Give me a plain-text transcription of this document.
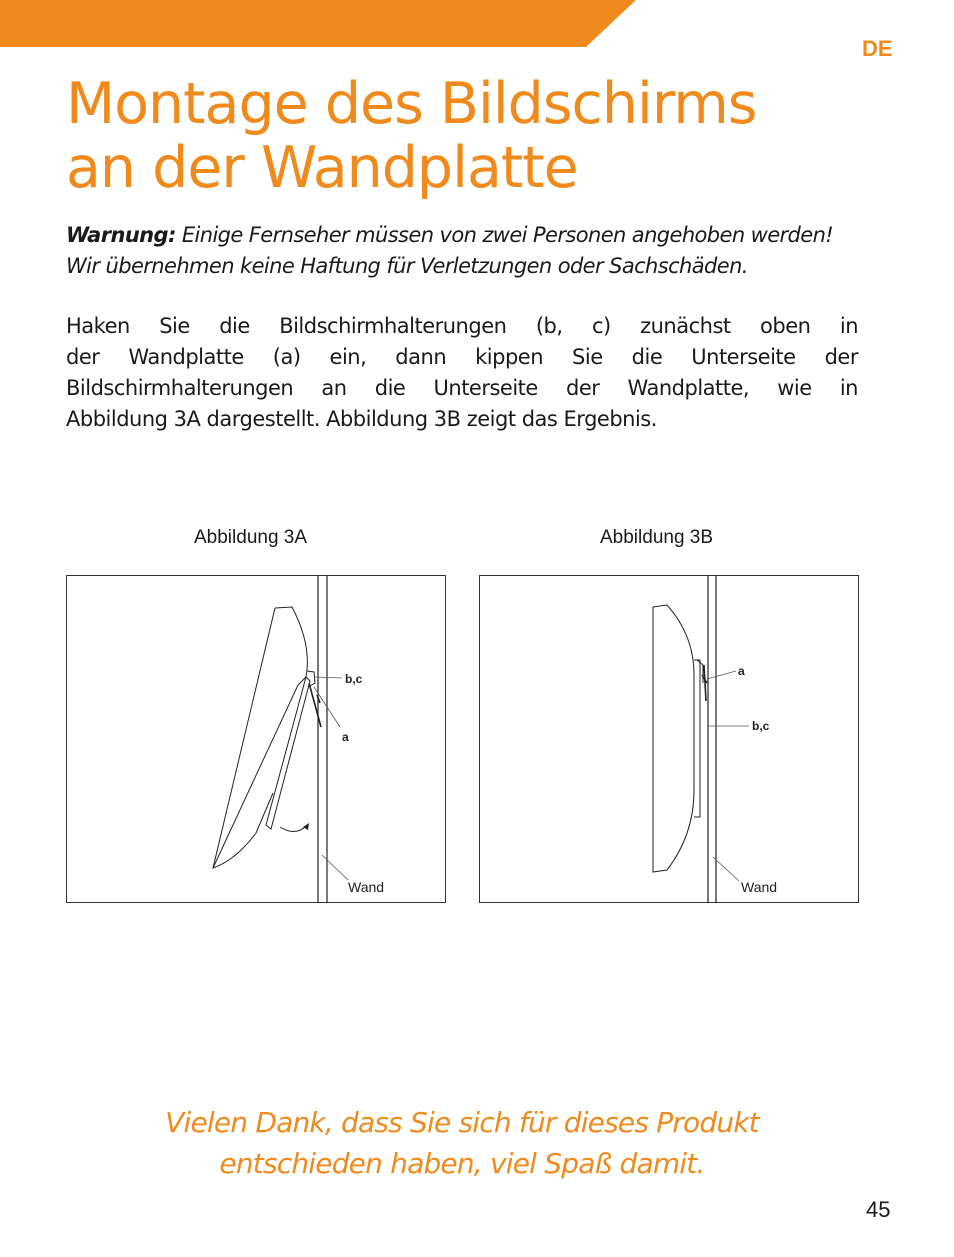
DE
Montage des Bildschirms
an der Wandplatte
Warnung: Einige Fernseher müssen von zwei Personen angehoben werden!
Wir übernehmen keine Haftung für Verletzungen oder Sachschäden.
Haken Sie die Bildschirmhalterungen (b, c) zunächst oben in
der Wandplatte (a) ein, dann kippen Sie die Unterseite der
Bildschirmhalterungen an die Unterseite der Wandplatte, wie in
Abbildung 3A dargestellt. Abbildung 3B zeigt das Ergebnis.
Abbildung 3A	Abbildung 3B
b,c
a
Wand
a
b,c
Wand
Vielen Dank, dass Sie sich für dieses Produkt
entschieden haben, viel Spaß damit.
45
